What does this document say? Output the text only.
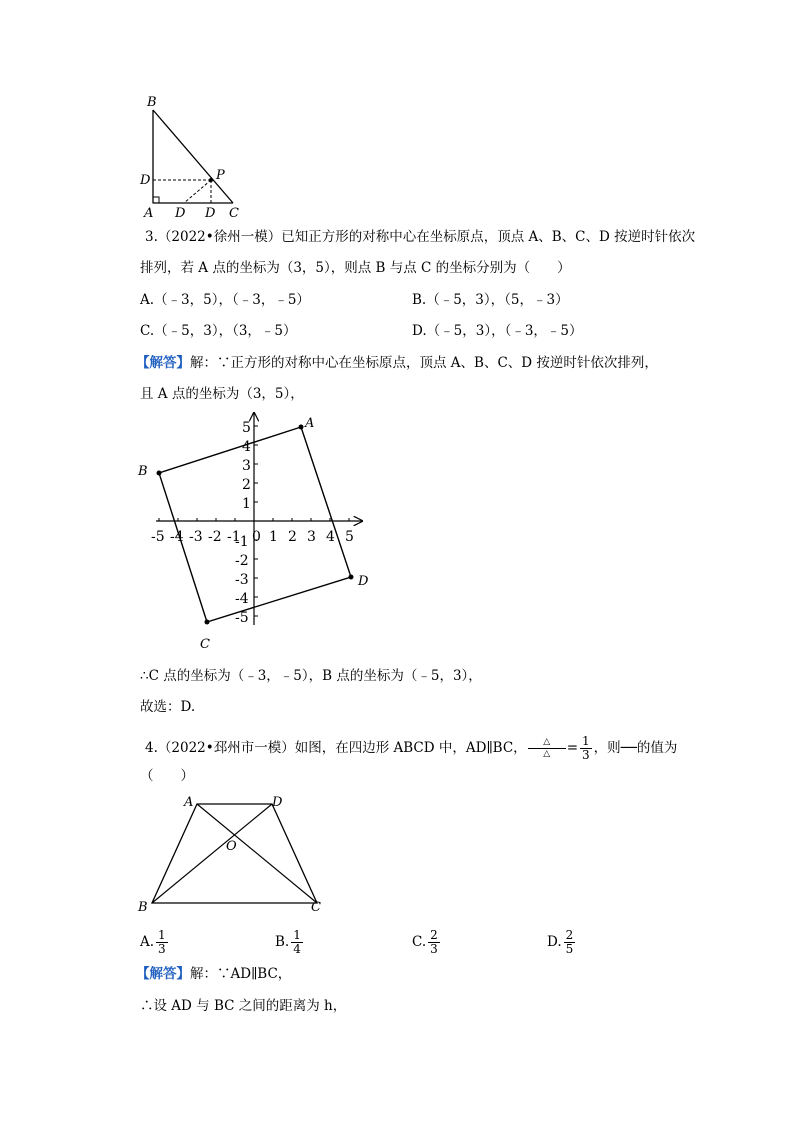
B
D	P
A D D C
3.（2022•徐州一模）已知正方形的对称中心在坐标原点，顶点 A、B、C、D 按逆时针依次
排列，若 A 点的坐标为（3，5），则点 B 与点 C 的坐标分别为（　　）
A.（﹣3，5），（﹣3，﹣5）	B.（﹣5，3），（5，﹣3）
C.（﹣5，3），（3，﹣5）	D.（﹣5，3），（﹣3，﹣5）
【解答】解：∵正方形的对称中心在坐标原点，顶点 A、B、C、D 按逆时针依次排列，
且 A 点的坐标为（3，5），
-5 -4 -3 -2 -1 0 1 2 3 4 5
5
4
3
2
1
-1
-2
-3
-4
-5
A
B
C
D
∴C 点的坐标为（﹣3，﹣5），B 点的坐标为（﹣5，3），
故选：D.
4.（2022•邳州市一模）如图，在四边形 ABCD 中，AD∥BC， $\frac{\triangle}{\triangle} = \frac{1}{3}$ ，则──的值为
（　　）
A	D
O
B	C
A. $\frac{1}{3}$	B. $\frac{1}{4}$	C. $\frac{2}{3}$	D. $\frac{2}{5}$
【解答】解：∵AD∥BC，
∴设 AD 与 BC 之间的距离为 h，
